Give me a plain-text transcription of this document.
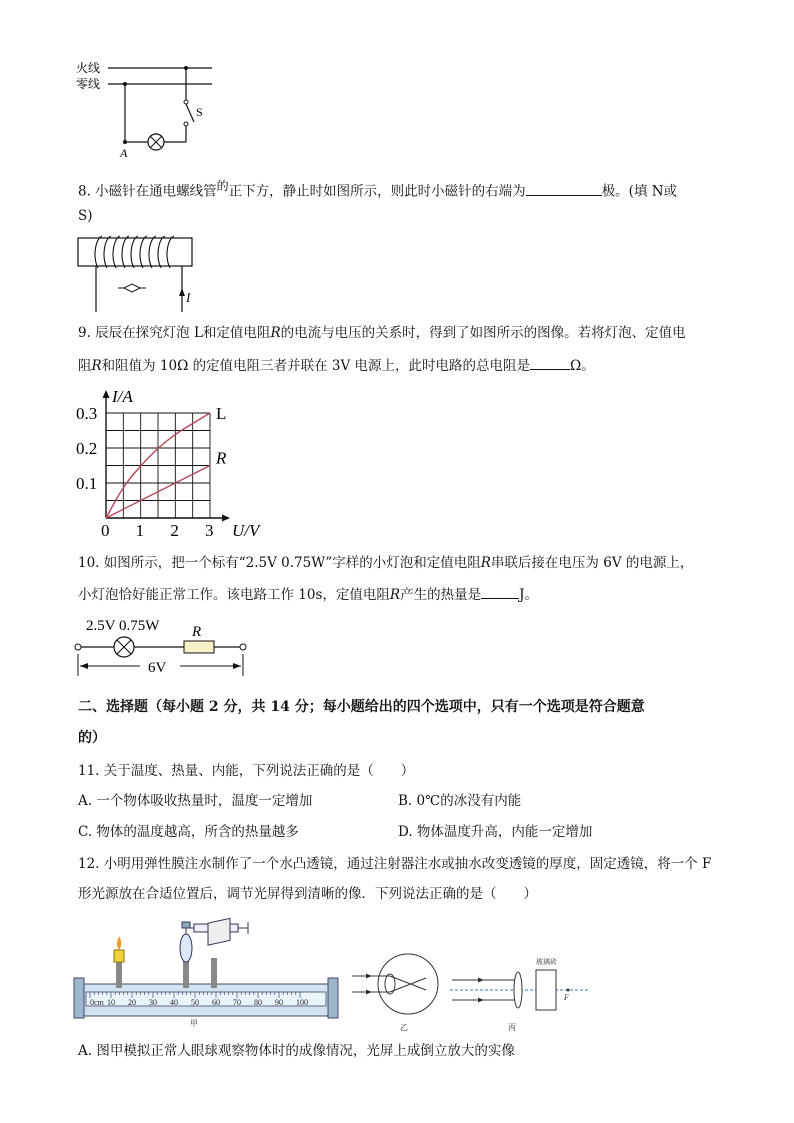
火线
零线
S
A
8. 小磁针在通电螺线管$^的$正下方，静止时如图所示，则此时小磁针的右端为	极。(填 N或
S)
I
9. 辰辰在探究灯泡 L和定值电阻R的电流与电压的关系时，得到了如图所示的图像。若将灯泡、定值电
阻R和阻值为 10Ω 的定值电阻三者并联在 3V 电源上，此时电路的总电阻是	Ω。
0 1 2 3
0.1
0.2
0.3	L
R
I/A
U/V
10. 如图所示，把一个标有“2.5V 0.75W”字样的小灯泡和定值电阻R串联后接在电压为 6V 的电源上，
小灯泡恰好能正常工作。该电路工作 10s，定值电阻R产生的热量是	J。
2.5V 0.75W R
6V
二、选择题（每小题 2 分，共 14 分；每小题给出的四个选项中，只有一个选项是符合题意
的）
11. 关于温度、热量、内能，下列说法正确的是（　　）
A. 一个物体吸收热量时，温度一定增加	B. 0℃的冰没有内能
C. 物体的温度越高，所含的热量越多	D. 物体温度升高，内能一定增加
12. 小明用弹性膜注水制作了一个水凸透镜，通过注射器注水或抽水改变透镜的厚度，固定透镜，将一个 F
形光源放在合适位置后，调节光屏得到清晰的像．下列说法正确的是（　　）
0cm 10 20 30 40 50 60 70 80 90 100
甲	乙
玻璃砖
F
丙
A. 图甲模拟正常人眼球观察物体时的成像情况，光屏上成倒立放大的实像
